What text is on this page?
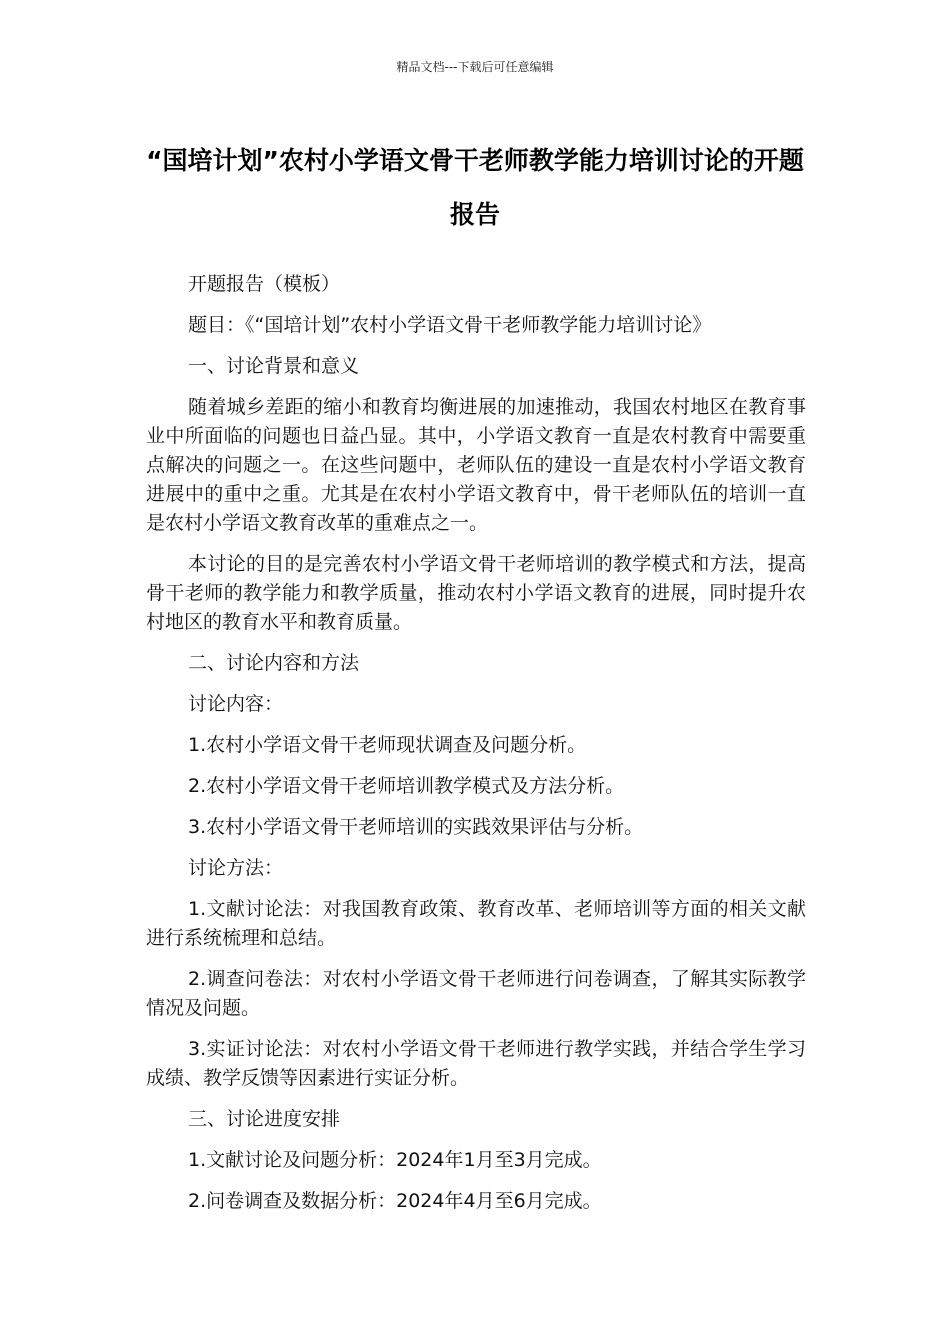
精品文档---下载后可任意编辑
“国培计划”农村小学语文骨干老师教学能力培训讨论的开题报告

开题报告（模板）

题目：《“国培计划”农村小学语文骨干老师教学能力培训讨论》

一、讨论背景和意义

随着城乡差距的缩小和教育均衡进展的加速推动，我国农村地区在教育事业中所面临的问题也日益凸显。其中，小学语文教育一直是农村教育中需要重点解决的问题之一。在这些问题中，老师队伍的建设一直是农村小学语文教育进展中的重中之重。尤其是在农村小学语文教育中，骨干老师队伍的培训一直是农村小学语文教育改革的重难点之一。

本讨论的目的是完善农村小学语文骨干老师培训的教学模式和方法，提高骨干老师的教学能力和教学质量，推动农村小学语文教育的进展，同时提升农村地区的教育水平和教育质量。

二、讨论内容和方法

讨论内容：

1.农村小学语文骨干老师现状调查及问题分析。

2.农村小学语文骨干老师培训教学模式及方法分析。

3.农村小学语文骨干老师培训的实践效果评估与分析。

讨论方法：

1.文献讨论法：对我国教育政策、教育改革、老师培训等方面的相关文献进行系统梳理和总结。

2.调查问卷法：对农村小学语文骨干老师进行问卷调查，了解其实际教学情况及问题。

3.实证讨论法：对农村小学语文骨干老师进行教学实践，并结合学生学习成绩、教学反馈等因素进行实证分析。

三、讨论进度安排

1.文献讨论及问题分析：2024年1月至3月完成。

2.问卷调查及数据分析：2024年4月至6月完成。
